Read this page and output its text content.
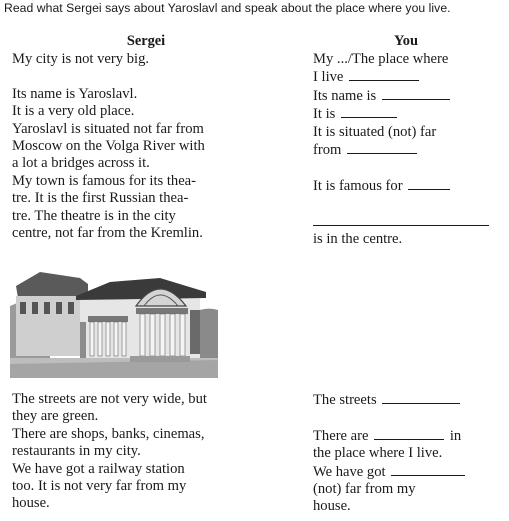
Read what Sergei says about Yaroslavl and speak about the place where you live.
Sergei	You
My city is not very big.

Its name is Yaroslavl.
It is a very old place.
Yaroslavl is situated not far from
Moscow on the Volga River with
a lot a bridges across it.
My town is famous for its thea-
tre. It is the first Russian thea-
tre. The theatre is in the city
centre, not far from the Kremlin.
My .../The place where
I live
Its name is
It is
It is situated (not) far
from
It is famous for
is in the centre.
The streets are not very wide, but
they are green.
There are shops, banks, cinemas,
restaurants in my city.
We have got a railway station
too. It is not very far from my
house.
The streets

There are	in
the place where I live.
We have got
(not) far from my
house.
